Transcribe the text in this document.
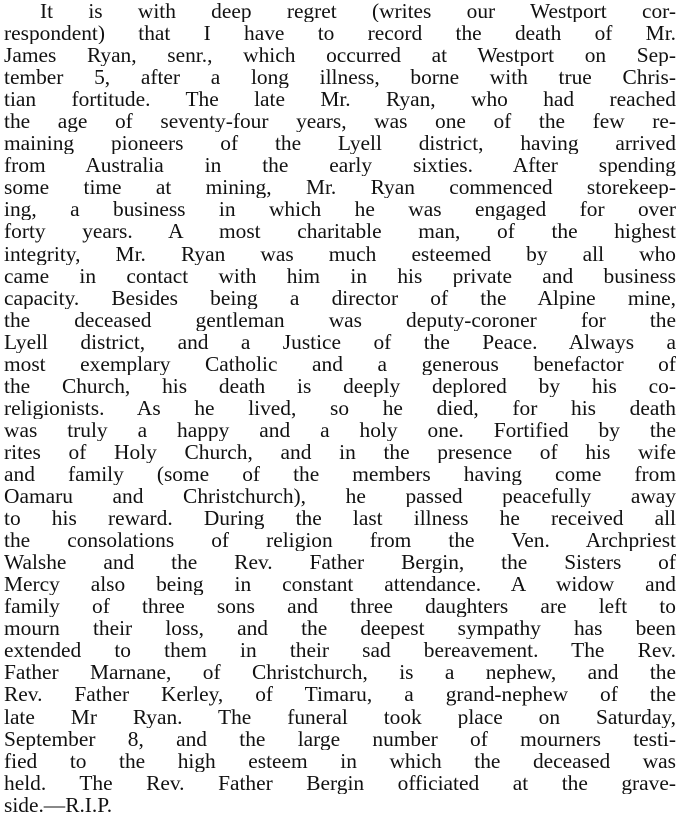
It is with deep regret (writes our Westport cor-
respondent) that I have to record the death of Mr.
James Ryan, senr., which occurred at Westport on Sep-
tember 5, after a long illness, borne with true Chris-
tian fortitude. The late Mr. Ryan, who had reached
the age of seventy-four years, was one of the few re-
maining pioneers of the Lyell district, having arrived
from Australia in the early sixties. After spending
some time at mining, Mr. Ryan commenced storekeep-
ing, a business in which he was engaged for over
forty years. A most charitable man, of the highest
integrity, Mr. Ryan was much esteemed by all who
came in contact with him in his private and business
capacity. Besides being a director of the Alpine mine,
the deceased gentleman was deputy-coroner for the
Lyell district, and a Justice of the Peace. Always a
most exemplary Catholic and a generous benefactor of
the Church, his death is deeply deplored by his co-
religionists. As he lived, so he died, for his death
was truly a happy and a holy one. Fortified by the
rites of Holy Church, and in the presence of his wife
and family (some of the members having come from
Oamaru and Christchurch), he passed peacefully away
to his reward. During the last illness he received all
the consolations of religion from the Ven. Archpriest
Walshe and the Rev. Father Bergin, the Sisters of
Mercy also being in constant attendance. A widow and
family of three sons and three daughters are left to
mourn their loss, and the deepest sympathy has been
extended to them in their sad bereavement. The Rev.
Father Marnane, of Christchurch, is a nephew, and the
Rev. Father Kerley, of Timaru, a grand-nephew of the
late Mr Ryan. The funeral took place on Saturday,
September 8, and the large number of mourners testi-
fied to the high esteem in which the deceased was
held. The Rev. Father Bergin officiated at the grave-
side.—R.I.P.
